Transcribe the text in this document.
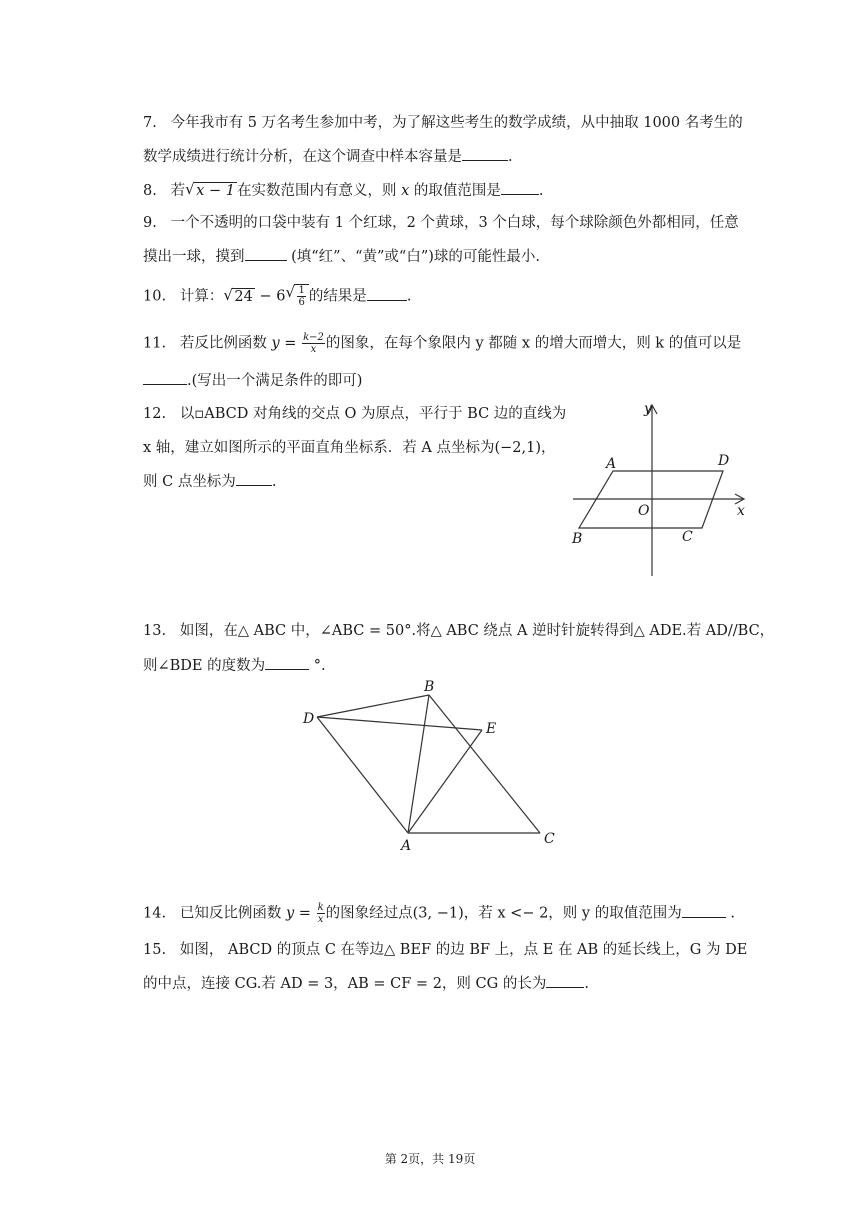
7. 今年我市有 5 万名考生参加中考，为了解这些考生的数学成绩，从中抽取 1000 名考生的
数学成绩进行统计分析，在这个调查中样本容量是	.
8. 若 √ x − 1 在实数范围内有意义，则 x 的取值范围是	.
9. 一个不透明的口袋中装有 1 个红球，2 个黄球，3 个白球，每个球除颜色外都相同，任意
摸出一球，摸到	(填“红”、“黄”或“白”)球的可能性最小.
10. 计算： √ 24 − 6 √ $\frac{1}{6}$ 的结果是	.
11. 若反比例函数 $y = \frac{k-2}{x}$ 的图象，在每个象限内 y 都随 x 的增大而增大，则 k 的值可以是
.(写出一个满足条件的即可)
12. 以▫ABCD 对角线的交点 O 为原点，平行于 BC 边的直线为
x 轴，建立如图所示的平面直角坐标系．若 A 点坐标为(−2,1)，
则 C 点坐标为 .
y
x
A	D
O
B	C
13. 如图，在△ ABC 中，∠ABC = 50°.将△ ABC 绕点 A 逆时针旋转得到△ ADE.若 AD//BC，
则∠BDE 的度数为	°.
B
D
E
A	C
14. 已知反比例函数 $y = \frac{k}{x}$ 的图象经过点(3, −1)，若 x <− 2，则 y 的取值范围为	.
15. 如图， ABCD 的顶点 C 在等边△ BEF 的边 BF 上，点 E 在 AB 的延长线上，G 为 DE
的中点，连接 CG.若 AD = 3，AB = CF = 2，则 CG 的长为	.
第 2页，共 19页
